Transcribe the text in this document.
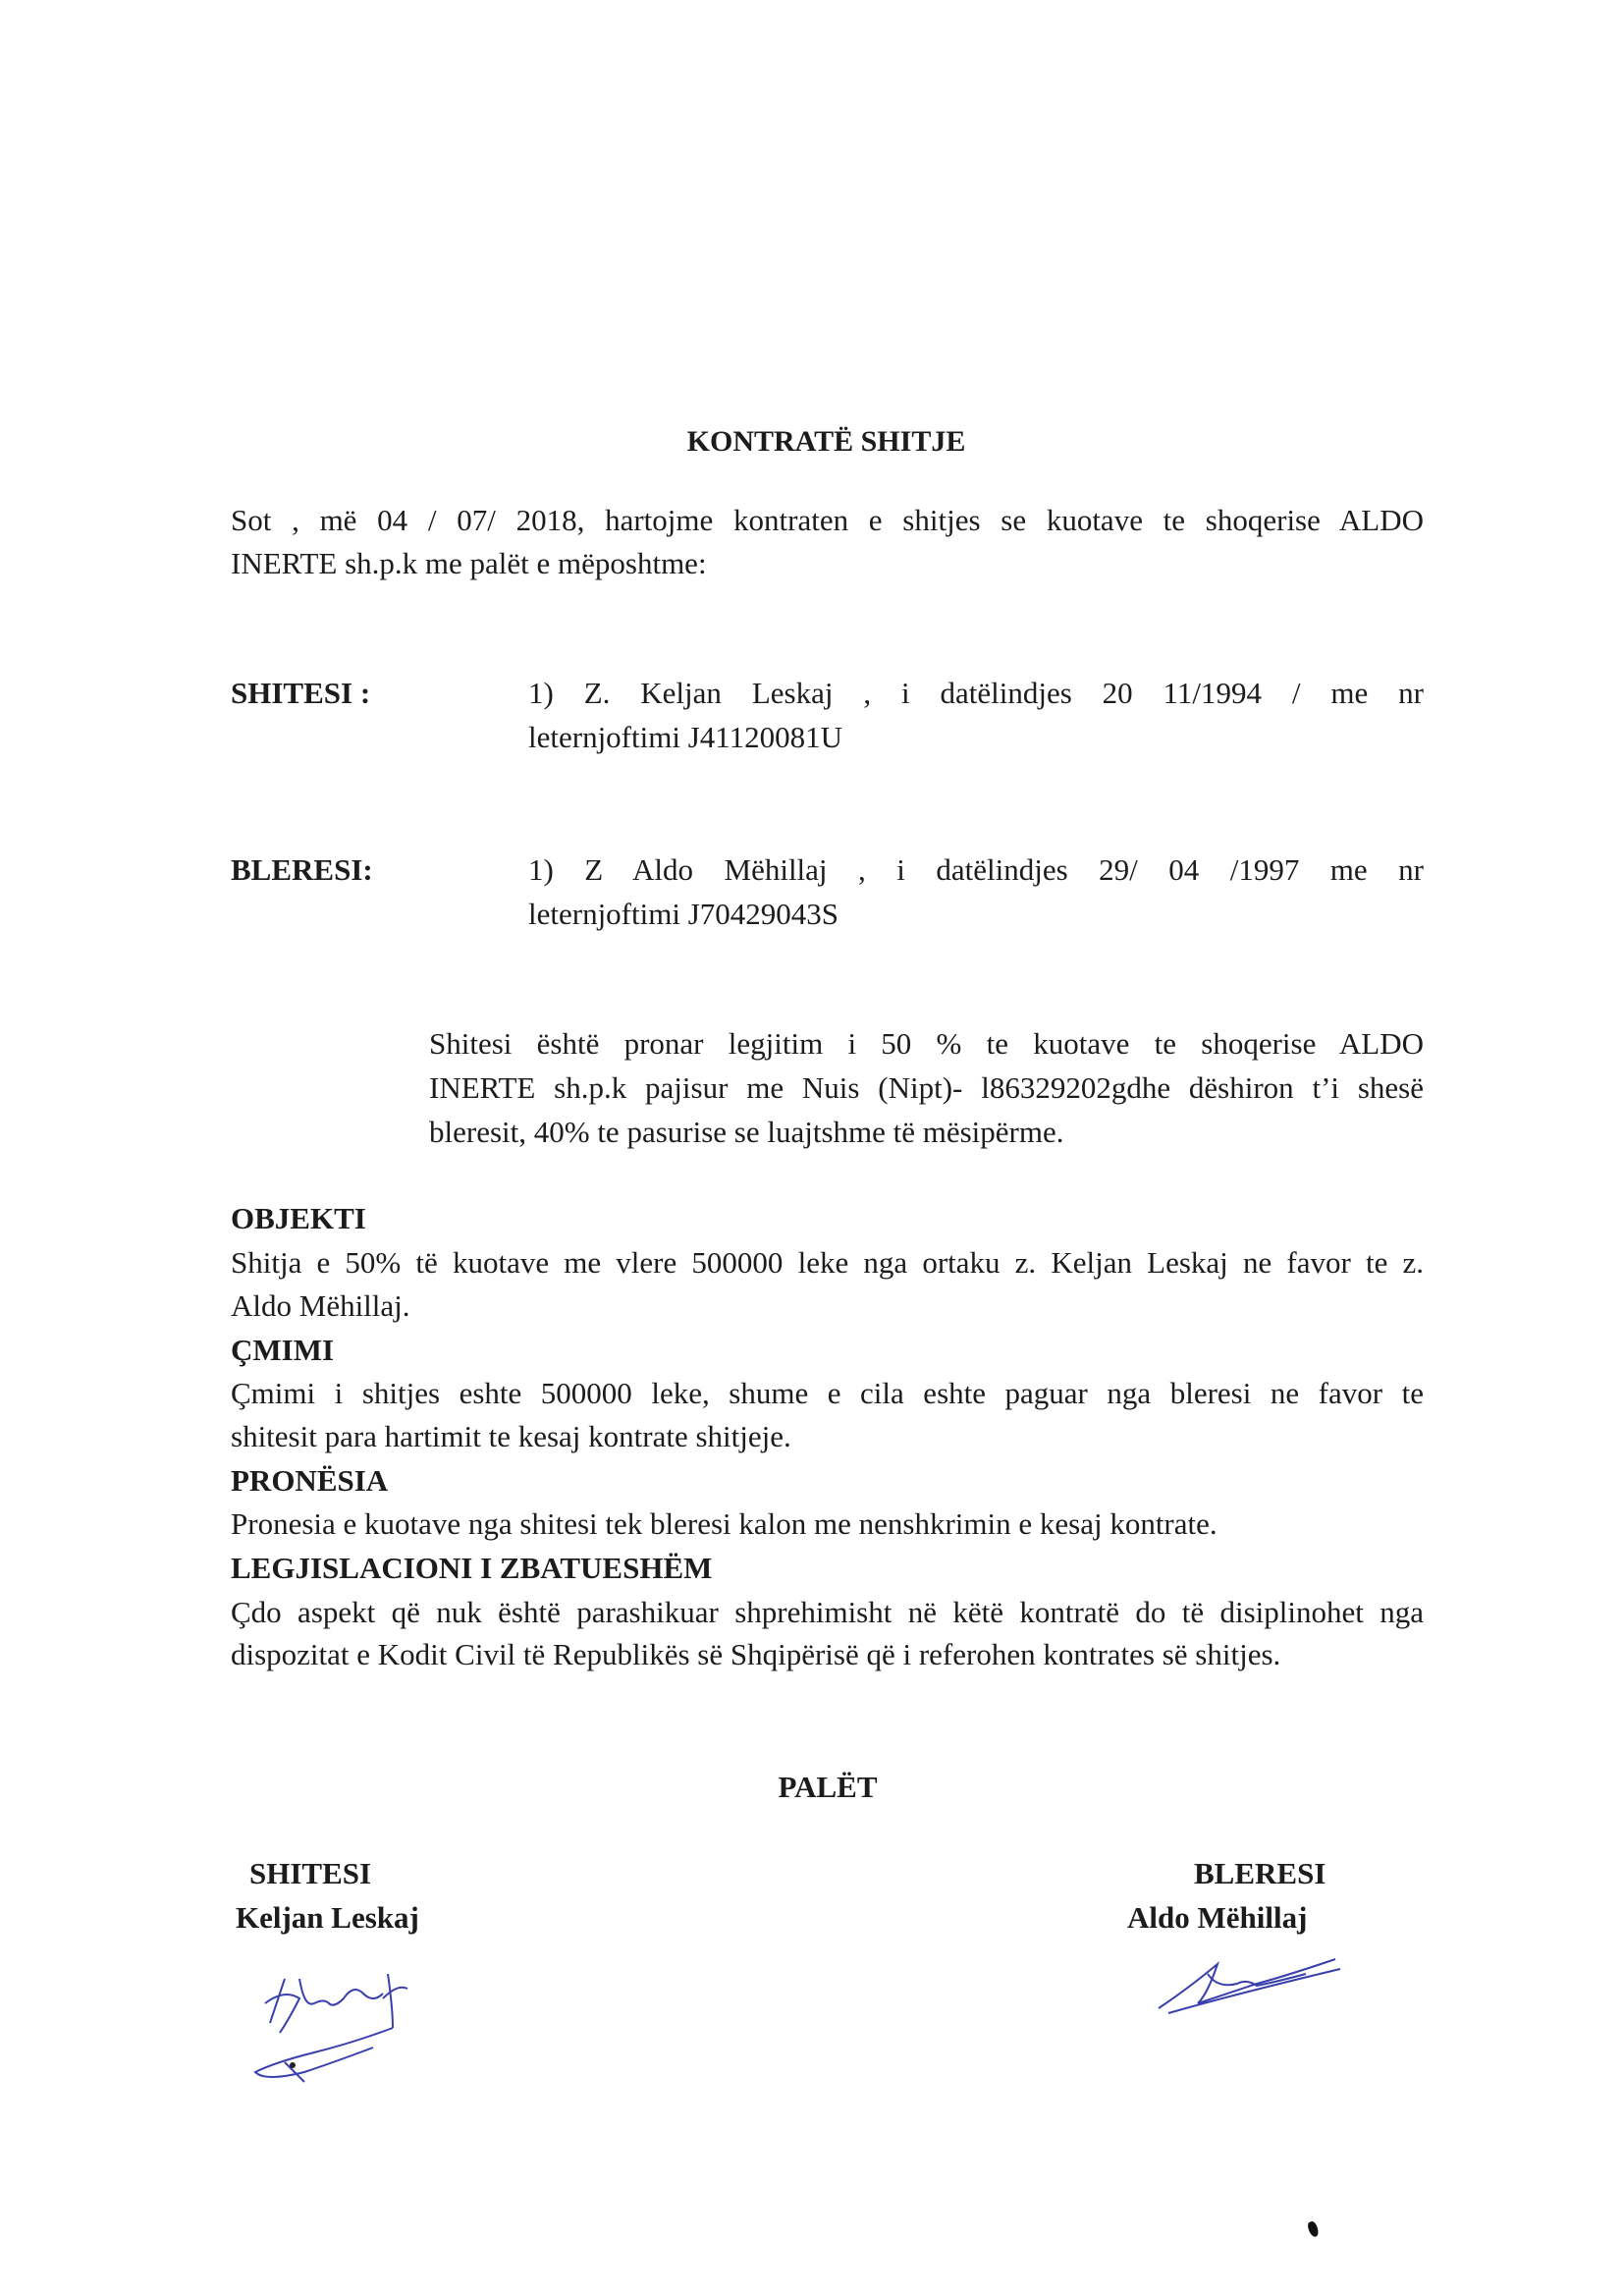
KONTRATË SHITJE
Sot , më 04 / 07/ 2018, hartojme kontraten e shitjes se kuotave te shoqerise ALDO
INERTE sh.p.k me palët e mëposhtme:
SHITESI :	1) Z. Keljan Leskaj , i datëlindjes 20 11/1994 / me nr
leternjoftimi J41120081U
BLERESI:	1) Z Aldo Mëhillaj , i datëlindjes 29/ 04 /1997 me nr
leternjoftimi J70429043S
Shitesi është pronar legjitim i 50 % te kuotave te shoqerise ALDO
INERTE sh.p.k pajisur me Nuis (Nipt)- l86329202gdhe dëshiron t’i shesë
bleresit, 40% te pasurise se luajtshme të mësipërme.
OBJEKTI
Shitja e 50% të kuotave me vlere 500000 leke nga ortaku z. Keljan Leskaj ne favor te z.
Aldo Mëhillaj.
ÇMIMI
Çmimi i shitjes eshte 500000 leke, shume e cila eshte paguar nga bleresi ne favor te
shitesit para hartimit te kesaj kontrate shitjeje.
PRONËSIA
Pronesia e kuotave nga shitesi tek bleresi kalon me nenshkrimin e kesaj kontrate.
LEGJISLACIONI I ZBATUESHËM
Çdo aspekt që nuk është parashikuar shprehimisht në këtë kontratë do të disiplinohet nga
dispozitat e Kodit Civil të Republikës së Shqipërisë që i referohen kontrates së shitjes.
PALËT
SHITESI
Keljan Leskaj
BLERESI
Aldo Mëhillaj
